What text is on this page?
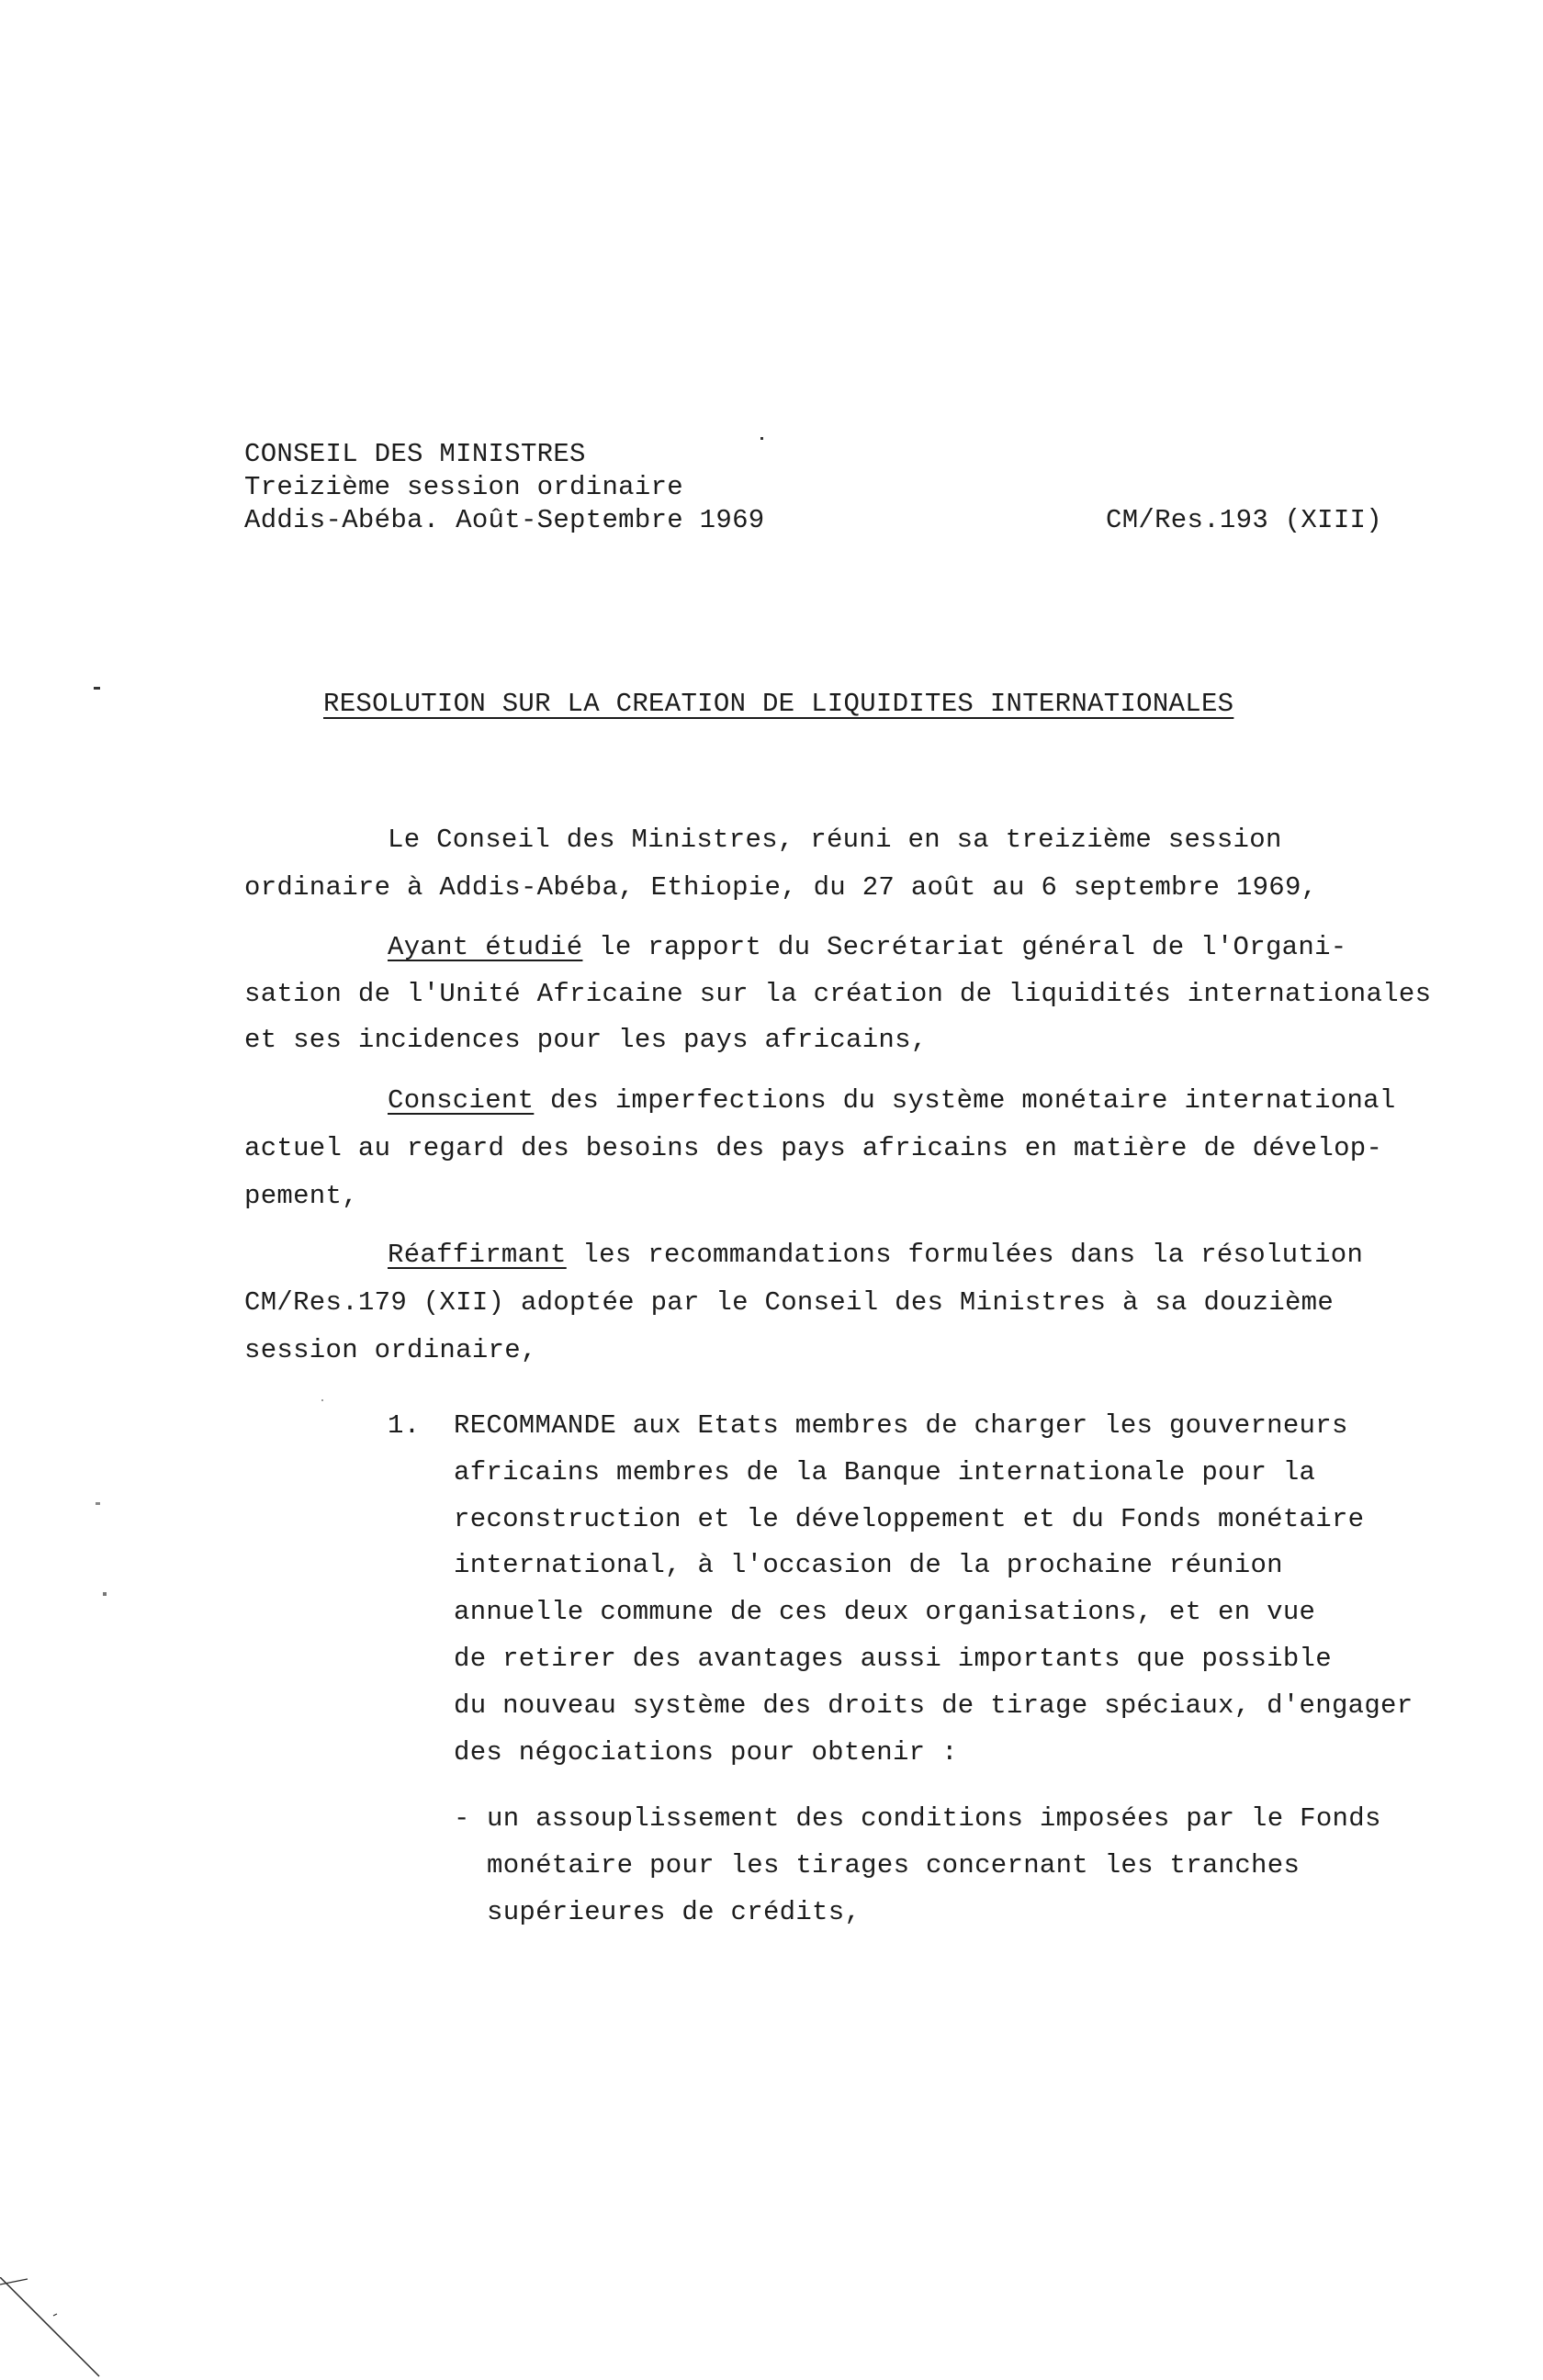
CONSEIL DES MINISTRES
Treizième session ordinaire
Addis-Abéba. Août-Septembre 1969	CM/Res.193 (XIII)
RESOLUTION SUR LA CREATION DE LIQUIDITES INTERNATIONALES
Le Conseil des Ministres, réuni en sa treizième session
ordinaire à Addis-Abéba, Ethiopie, du 27 août au 6 septembre 1969,
Ayant étudié le rapport du Secrétariat général de l'Organi-
sation de l'Unité Africaine sur la création de liquidités internationales
et ses incidences pour les pays africains,
Conscient des imperfections du système monétaire international
actuel au regard des besoins des pays africains en matière de dévelop-
pement,
Réaffirmant les recommandations formulées dans la résolution
CM/Res.179 (XII) adoptée par le Conseil des Ministres à sa douzième
session ordinaire,
1. RECOMMANDE aux Etats membres de charger les gouverneurs
africains membres de la Banque internationale pour la
reconstruction et le développement et du Fonds monétaire
international, à l'occasion de la prochaine réunion
annuelle commune de ces deux organisations, et en vue
de retirer des avantages aussi importants que possible
du nouveau système des droits de tirage spéciaux, d'engager
des négociations pour obtenir :
- un assouplissement des conditions imposées par le Fonds
monétaire pour les tirages concernant les tranches
supérieures de crédits,
